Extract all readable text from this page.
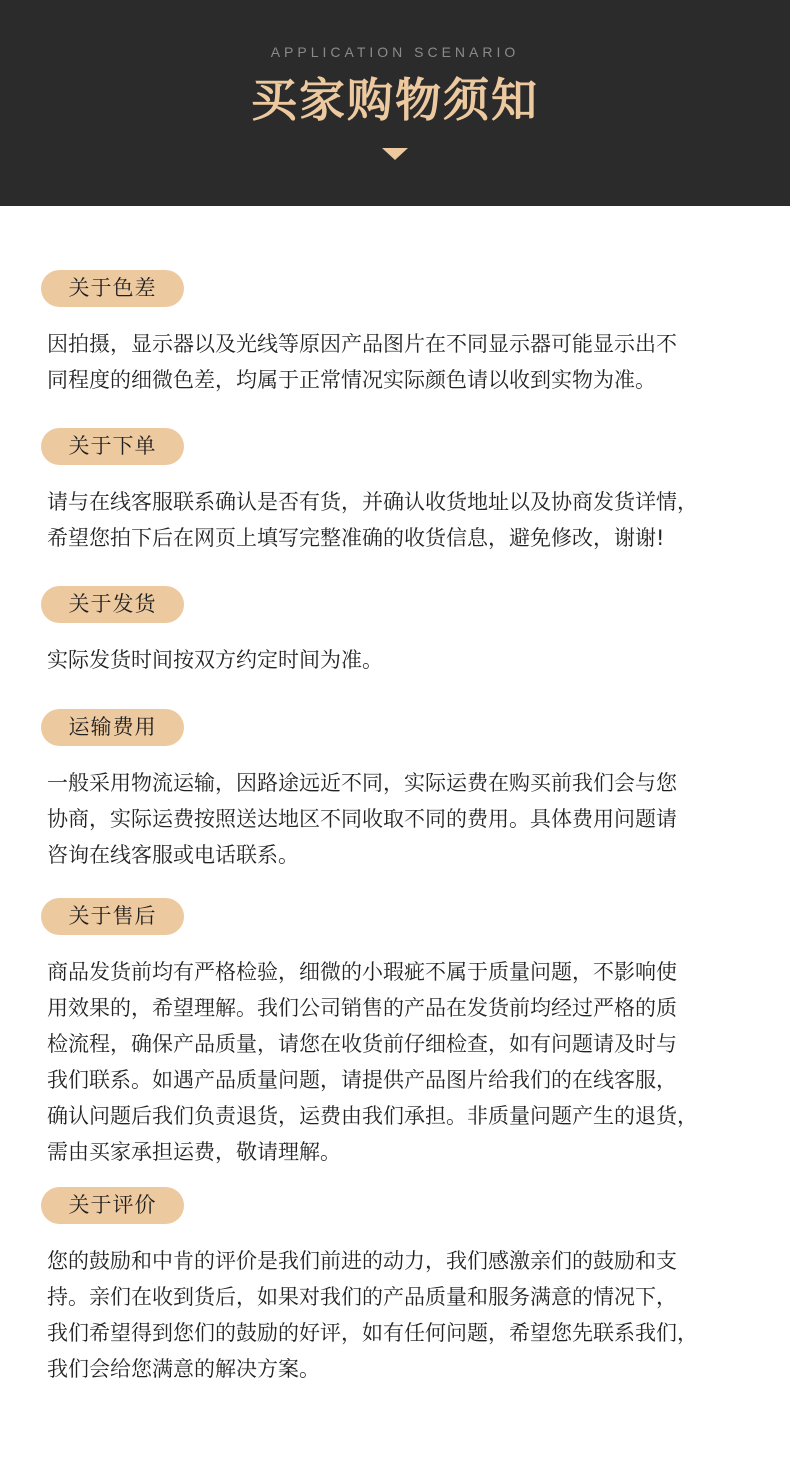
APPLICATION SCENARIO
买家购物须知
关于色差
因拍摄，显示器以及光线等原因产品图片在不同显示器可能显示出不
同程度的细微色差，均属于正常情况实际颜色请以收到实物为准。
关于下单
请与在线客服联系确认是否有货，并确认收货地址以及协商发货详情，
希望您拍下后在网页上填写完整准确的收货信息，避免修改，谢谢!
关于发货
实际发货时间按双方约定时间为准。
运输费用
一般采用物流运输，因路途远近不同，实际运费在购买前我们会与您
协商，实际运费按照送达地区不同收取不同的费用。具体费用问题请
咨询在线客服或电话联系。
关于售后
商品发货前均有严格检验，细微的小瑕疵不属于质量问题，不影响使
用效果的，希望理解。我们公司销售的产品在发货前均经过严格的质
检流程，确保产品质量，请您在收货前仔细检查，如有问题请及时与
我们联系。如遇产品质量问题，请提供产品图片给我们的在线客服，
确认问题后我们负责退货，运费由我们承担。非质量问题产生的退货，
需由买家承担运费，敬请理解。
关于评价
您的鼓励和中肯的评价是我们前进的动力，我们感激亲们的鼓励和支
持。亲们在收到货后，如果对我们的产品质量和服务满意的情况下，
我们希望得到您们的鼓励的好评，如有任何问题，希望您先联系我们，
我们会给您满意的解决方案。
